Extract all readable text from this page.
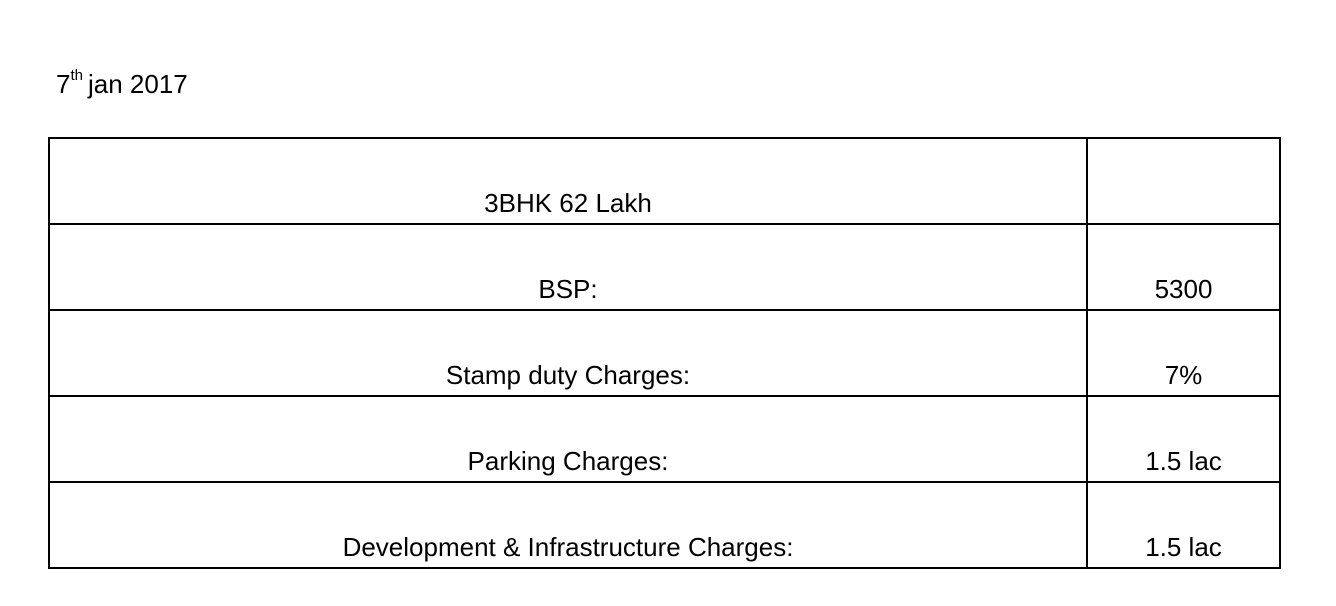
7th jan 2017
3BHK 62 Lakh	
BSP:	5300
Stamp duty Charges:	7%
Parking Charges:	1.5 lac
Development & Infrastructure Charges:	1.5 lac
